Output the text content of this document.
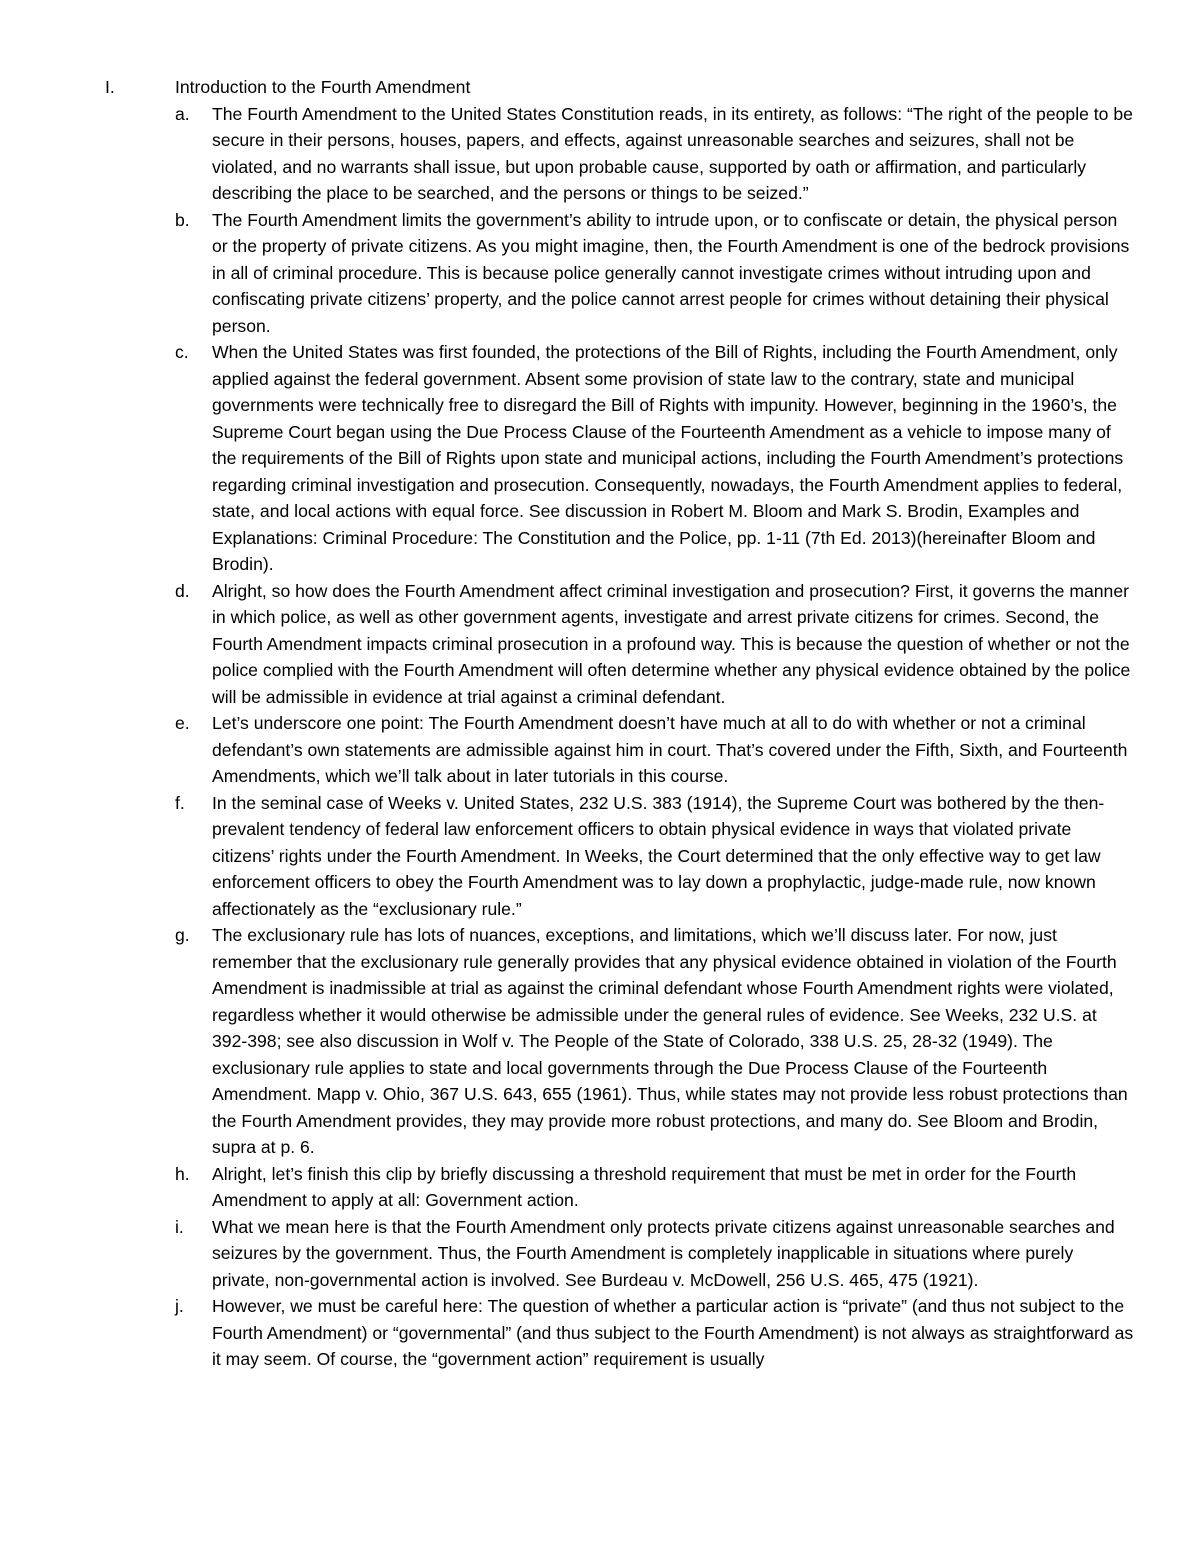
I.	Introduction to the Fourth Amendment
a.	The Fourth Amendment to the United States Constitution reads, in its entirety, as follows: “The right of the people to be secure in their persons, houses, papers, and effects, against unreasonable searches and seizures, shall not be violated, and no warrants shall issue, but upon probable cause, supported by oath or affirmation, and particularly describing the place to be searched, and the persons or things to be seized.”
b.	The Fourth Amendment limits the government’s ability to intrude upon, or to confiscate or detain, the physical person or the property of private citizens. As you might imagine, then, the Fourth Amendment is one of the bedrock provisions in all of criminal procedure. This is because police generally cannot investigate crimes without intruding upon and confiscating private citizens’ property, and the police cannot arrest people for crimes without detaining their physical person.
c.	When the United States was first founded, the protections of the Bill of Rights, including the Fourth Amendment, only applied against the federal government. Absent some provision of state law to the contrary, state and municipal governments were technically free to disregard the Bill of Rights with impunity. However, beginning in the 1960’s, the Supreme Court began using the Due Process Clause of the Fourteenth Amendment as a vehicle to impose many of the requirements of the Bill of Rights upon state and municipal actions, including the Fourth Amendment’s protections regarding criminal investigation and prosecution. Consequently, nowadays, the Fourth Amendment applies to federal, state, and local actions with equal force. See discussion in Robert M. Bloom and Mark S. Brodin, Examples and Explanations: Criminal Procedure: The Constitution and the Police, pp. 1-11 (7th Ed. 2013)(hereinafter Bloom and Brodin).
d.	Alright, so how does the Fourth Amendment affect criminal investigation and prosecution? First, it governs the manner in which police, as well as other government agents, investigate and arrest private citizens for crimes. Second, the Fourth Amendment impacts criminal prosecution in a profound way. This is because the question of whether or not the police complied with the Fourth Amendment will often determine whether any physical evidence obtained by the police will be admissible in evidence at trial against a criminal defendant.
e.	Let’s underscore one point: The Fourth Amendment doesn’t have much at all to do with whether or not a criminal defendant’s own statements are admissible against him in court. That’s covered under the Fifth, Sixth, and Fourteenth Amendments, which we’ll talk about in later tutorials in this course.
f.	In the seminal case of Weeks v. United States, 232 U.S. 383 (1914), the Supreme Court was bothered by the then-prevalent tendency of federal law enforcement officers to obtain physical evidence in ways that violated private citizens’ rights under the Fourth Amendment. In Weeks, the Court determined that the only effective way to get law enforcement officers to obey the Fourth Amendment was to lay down a prophylactic, judge-made rule, now known affectionately as the “exclusionary rule.”
g.	The exclusionary rule has lots of nuances, exceptions, and limitations, which we’ll discuss later. For now, just remember that the exclusionary rule generally provides that any physical evidence obtained in violation of the Fourth Amendment is inadmissible at trial as against the criminal defendant whose Fourth Amendment rights were violated, regardless whether it would otherwise be admissible under the general rules of evidence. See Weeks, 232 U.S. at 392-398; see also discussion in Wolf v. The People of the State of Colorado, 338 U.S. 25, 28-32 (1949). The exclusionary rule applies to state and local governments through the Due Process Clause of the Fourteenth Amendment. Mapp v. Ohio, 367 U.S. 643, 655 (1961). Thus, while states may not provide less robust protections than the Fourth Amendment provides, they may provide more robust protections, and many do. See Bloom and Brodin, supra at p. 6.
h.	Alright, let’s finish this clip by briefly discussing a threshold requirement that must be met in order for the Fourth Amendment to apply at all: Government action.
i.	What we mean here is that the Fourth Amendment only protects private citizens against unreasonable searches and seizures by the government. Thus, the Fourth Amendment is completely inapplicable in situations where purely private, non-governmental action is involved. See Burdeau v. McDowell, 256 U.S. 465, 475 (1921).
j.	However, we must be careful here: The question of whether a particular action is “private” (and thus not subject to the Fourth Amendment) or “governmental” (and thus subject to the Fourth Amendment) is not always as straightforward as it may seem. Of course, the “government action” requirement is usually
